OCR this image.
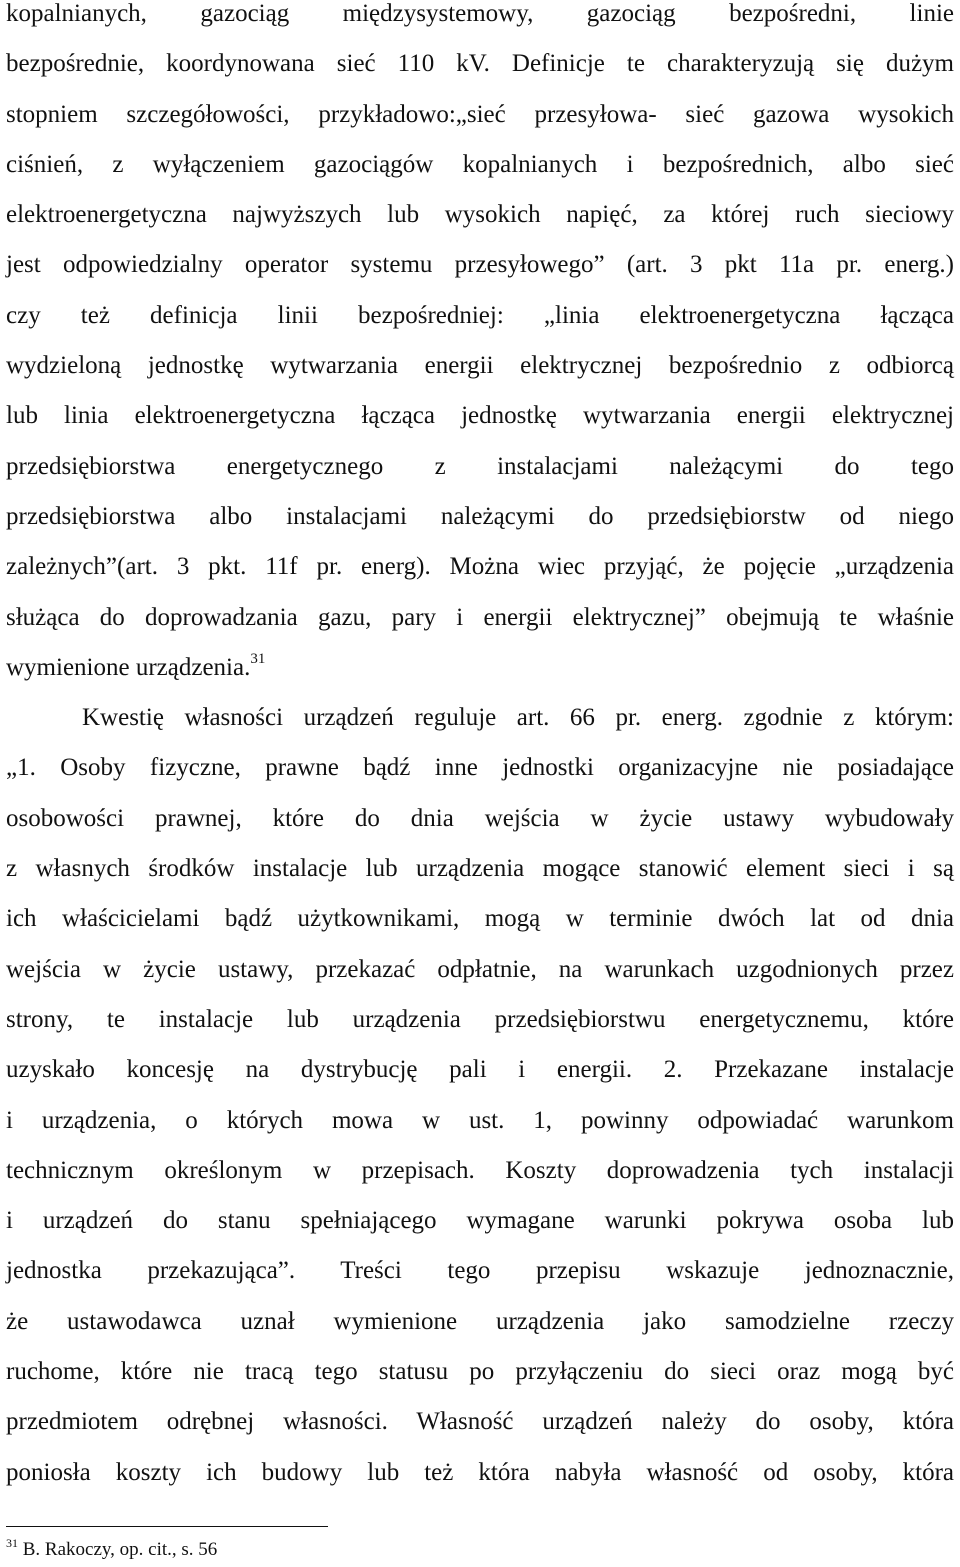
kopalnianych, gazociąg międzysystemowy, gazociąg bezpośredni, linie

bezpośrednie, koordynowana sieć 110 kV. Definicje te charakteryzują się dużym

stopniem szczegółowości, przykładowo:„sieć przesyłowa- sieć gazowa wysokich

ciśnień, z wyłączeniem gazociągów kopalnianych i bezpośrednich, albo sieć

elektroenergetyczna najwyższych lub wysokich napięć, za której ruch sieciowy

jest odpowiedzialny operator systemu przesyłowego” (art. 3 pkt 11a pr. energ.)

czy też definicja linii bezpośredniej: „linia elektroenergetyczna łącząca

wydzieloną jednostkę wytwarzania energii elektrycznej bezpośrednio z odbiorcą

lub linia elektroenergetyczna łącząca jednostkę wytwarzania energii elektrycznej

przedsiębiorstwa energetycznego z instalacjami należącymi do tego

przedsiębiorstwa albo instalacjami należącymi do przedsiębiorstw od niego

zależnych”(art. 3 pkt. 11f pr. energ). Można wiec przyjąć, że pojęcie „urządzenia

służąca do doprowadzania gazu, pary i energii elektrycznej” obejmują te właśnie

wymienione urządzenia.$^{31}$

Kwestię własności urządzeń reguluje art. 66 pr. energ. zgodnie z którym:

„1. Osoby fizyczne, prawne bądź inne jednostki organizacyjne nie posiadające

osobowości prawnej, które do dnia wejścia w życie ustawy wybudowały

z własnych środków instalacje lub urządzenia mogące stanowić element sieci i są

ich właścicielami bądź użytkownikami, mogą w terminie dwóch lat od dnia

wejścia w życie ustawy, przekazać odpłatnie, na warunkach uzgodnionych przez

strony, te instalacje lub urządzenia przedsiębiorstwu energetycznemu, które

uzyskało koncesję na dystrybucję pali i energii. 2. Przekazane instalacje

i urządzenia, o których mowa w ust. 1, powinny odpowiadać warunkom

technicznym określonym w przepisach. Koszty doprowadzenia tych instalacji

i urządzeń do stanu spełniającego wymagane warunki pokrywa osoba lub

jednostka przekazująca”. Treści tego przepisu wskazuje jednoznacznie,

że ustawodawca uznał wymienione urządzenia jako samodzielne rzeczy

ruchome, które nie tracą tego statusu po przyłączeniu do sieci oraz mogą być

przedmiotem odrębnej własności. Własność urządzeń należy do osoby, która

poniosła koszty ich budowy lub też która nabyła własność od osoby, która

$^{31}$ B. Rakoczy, op. cit., s. 56
